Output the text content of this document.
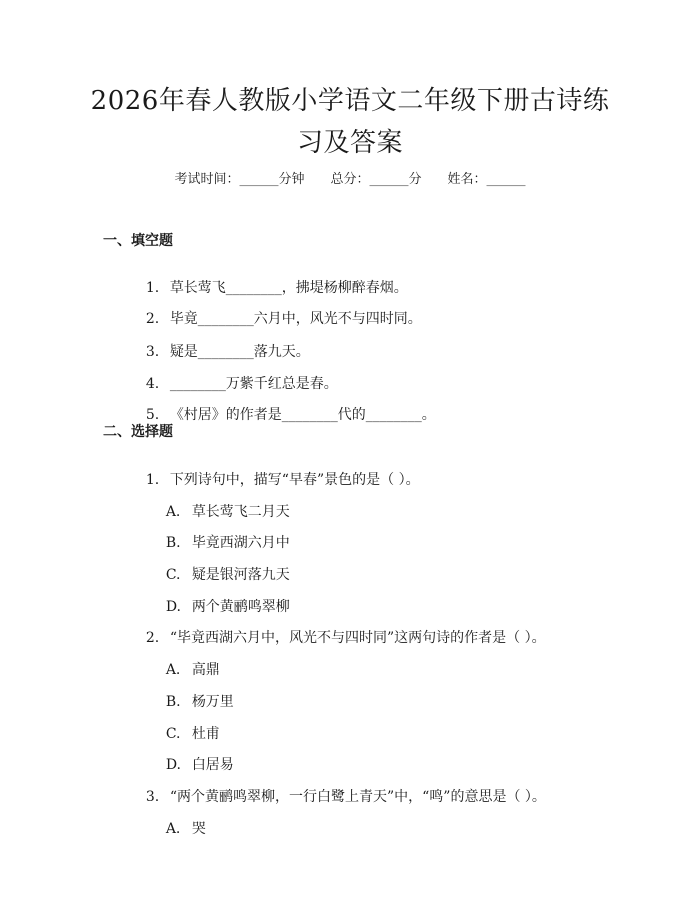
2026年春人教版小学语文二年级下册古诗练习及答案
考试时间：______分钟　　总分：______分　　姓名：______
一、填空题

1. 草长莺飞________，拂堤杨柳醉春烟。

2. 毕竟________六月中，风光不与四时同。

3. 疑是________落九天。

4. ________万紫千红总是春。

5. 《村居》的作者是________代的________。

二、选择题

1. 下列诗句中，描写“早春”景色的是（ ）。

A. 草长莺飞二月天

B. 毕竟西湖六月中

C. 疑是银河落九天

D. 两个黄鹂鸣翠柳

2. “毕竟西湖六月中，风光不与四时同”这两句诗的作者是（ ）。

A. 高鼎

B. 杨万里

C. 杜甫

D. 白居易

3. “两个黄鹂鸣翠柳，一行白鹭上青天”中，“鸣”的意思是（ ）。

A. 哭
